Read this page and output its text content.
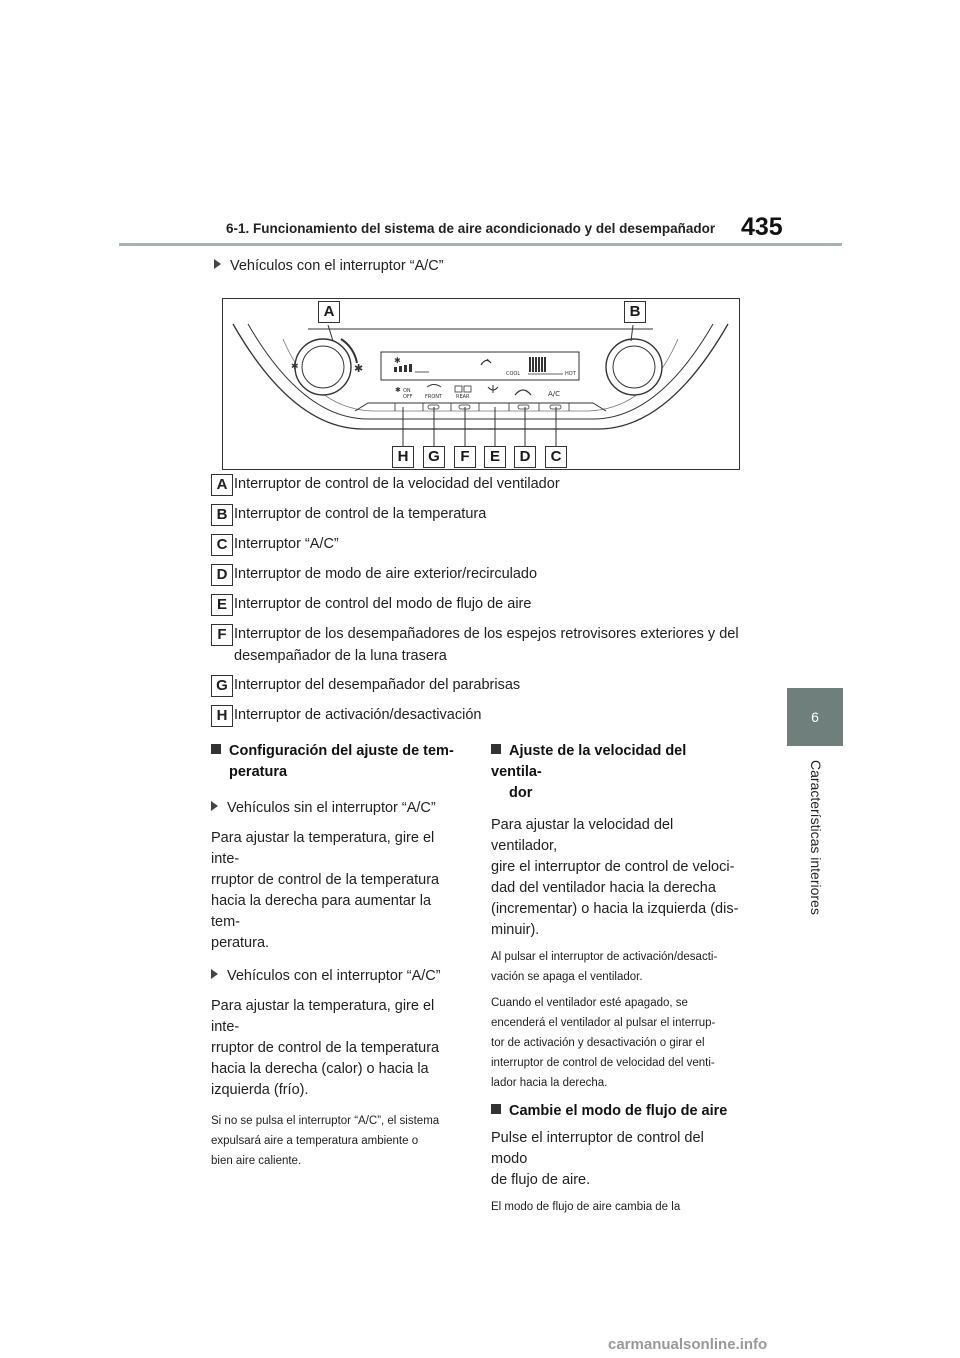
6-1. Funcionamiento del sistema de aire acondicionado y del desempañador 435
6
Características interiores
Vehículos con el interruptor “A/C”
✱	✱
✱
COOL	HOT
✱ ON
OFF FRONT	REAR	A/C
A	B
H	G	F	E	D	C
A Interruptor de control de la velocidad del ventilador
B Interruptor de control de la temperatura
C Interruptor “A/C”
D Interruptor de modo de aire exterior/recirculado
E Interruptor de control del modo de flujo de aire
F Interruptor de los desempañadores de los espejos retrovisores exteriores y del
desempañador de la luna trasera
G Interruptor del desempañador del parabrisas
H Interruptor de activación/desactivación
Configuración del ajuste de tem-
peratura
Vehículos sin el interruptor “A/C”
Para ajustar la temperatura, gire el inte-
rruptor de control de la temperatura
hacia la derecha para aumentar la tem-
peratura.
Vehículos con el interruptor “A/C”
Para ajustar la temperatura, gire el inte-
rruptor de control de la temperatura
hacia la derecha (calor) o hacia la
izquierda (frío).
Si no se pulsa el interruptor “A/C”, el sistema
expulsará aire a temperatura ambiente o
bien aire caliente.
Ajuste de la velocidad del ventila-
dor
Para ajustar la velocidad del ventilador,
gire el interruptor de control de veloci-
dad del ventilador hacia la derecha
(incrementar) o hacia la izquierda (dis-
minuir).
Al pulsar el interruptor de activación/desacti-
vación se apaga el ventilador.
Cuando el ventilador esté apagado, se
encenderá el ventilador al pulsar el interrup-
tor de activación y desactivación o girar el
interruptor de control de velocidad del venti-
lador hacia la derecha.
Cambie el modo de flujo de aire
Pulse el interruptor de control del modo
de flujo de aire.
El modo de flujo de aire cambia de la
carmanualsonline.info
